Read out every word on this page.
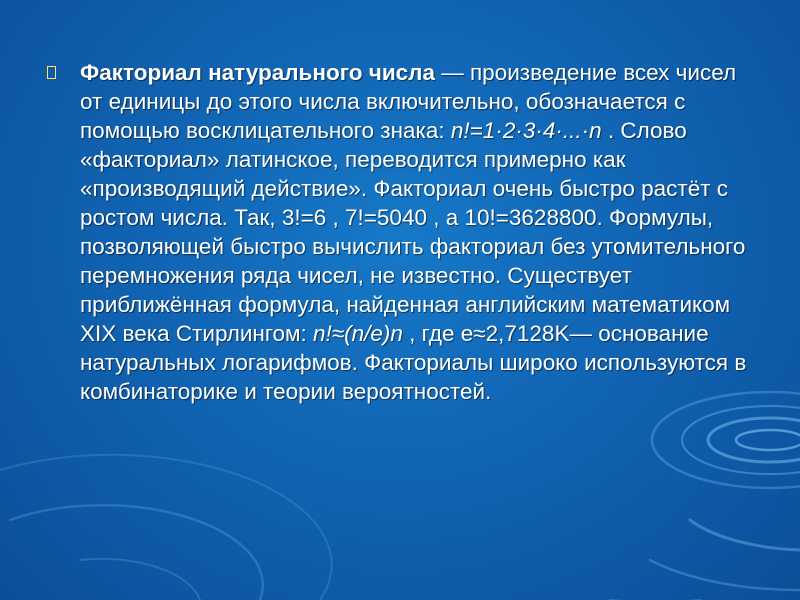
Факториал натурального числа — произведение всех чисел от единицы до этого числа включительно, обозначается с помощью восклицательного знака: n!=1·2·3·4·...·n . Слово «факториал» латинское, переводится примерно как «производящий действие». Факториал очень быстро растёт с ростом числа. Так, 3!=6 , 7!=5040 , а 10!=3628800. Формулы, позволяющей быстро вычислить факториал без утомительного перемножения ряда чисел, не известно. Существует приближённая формула, найденная английским математиком XIX века Стирлингом: n!≈(n/e)n , где e≈2,7128K— основание натуральных логарифмов. Факториалы широко используются в комбинаторике и теории вероятностей.
